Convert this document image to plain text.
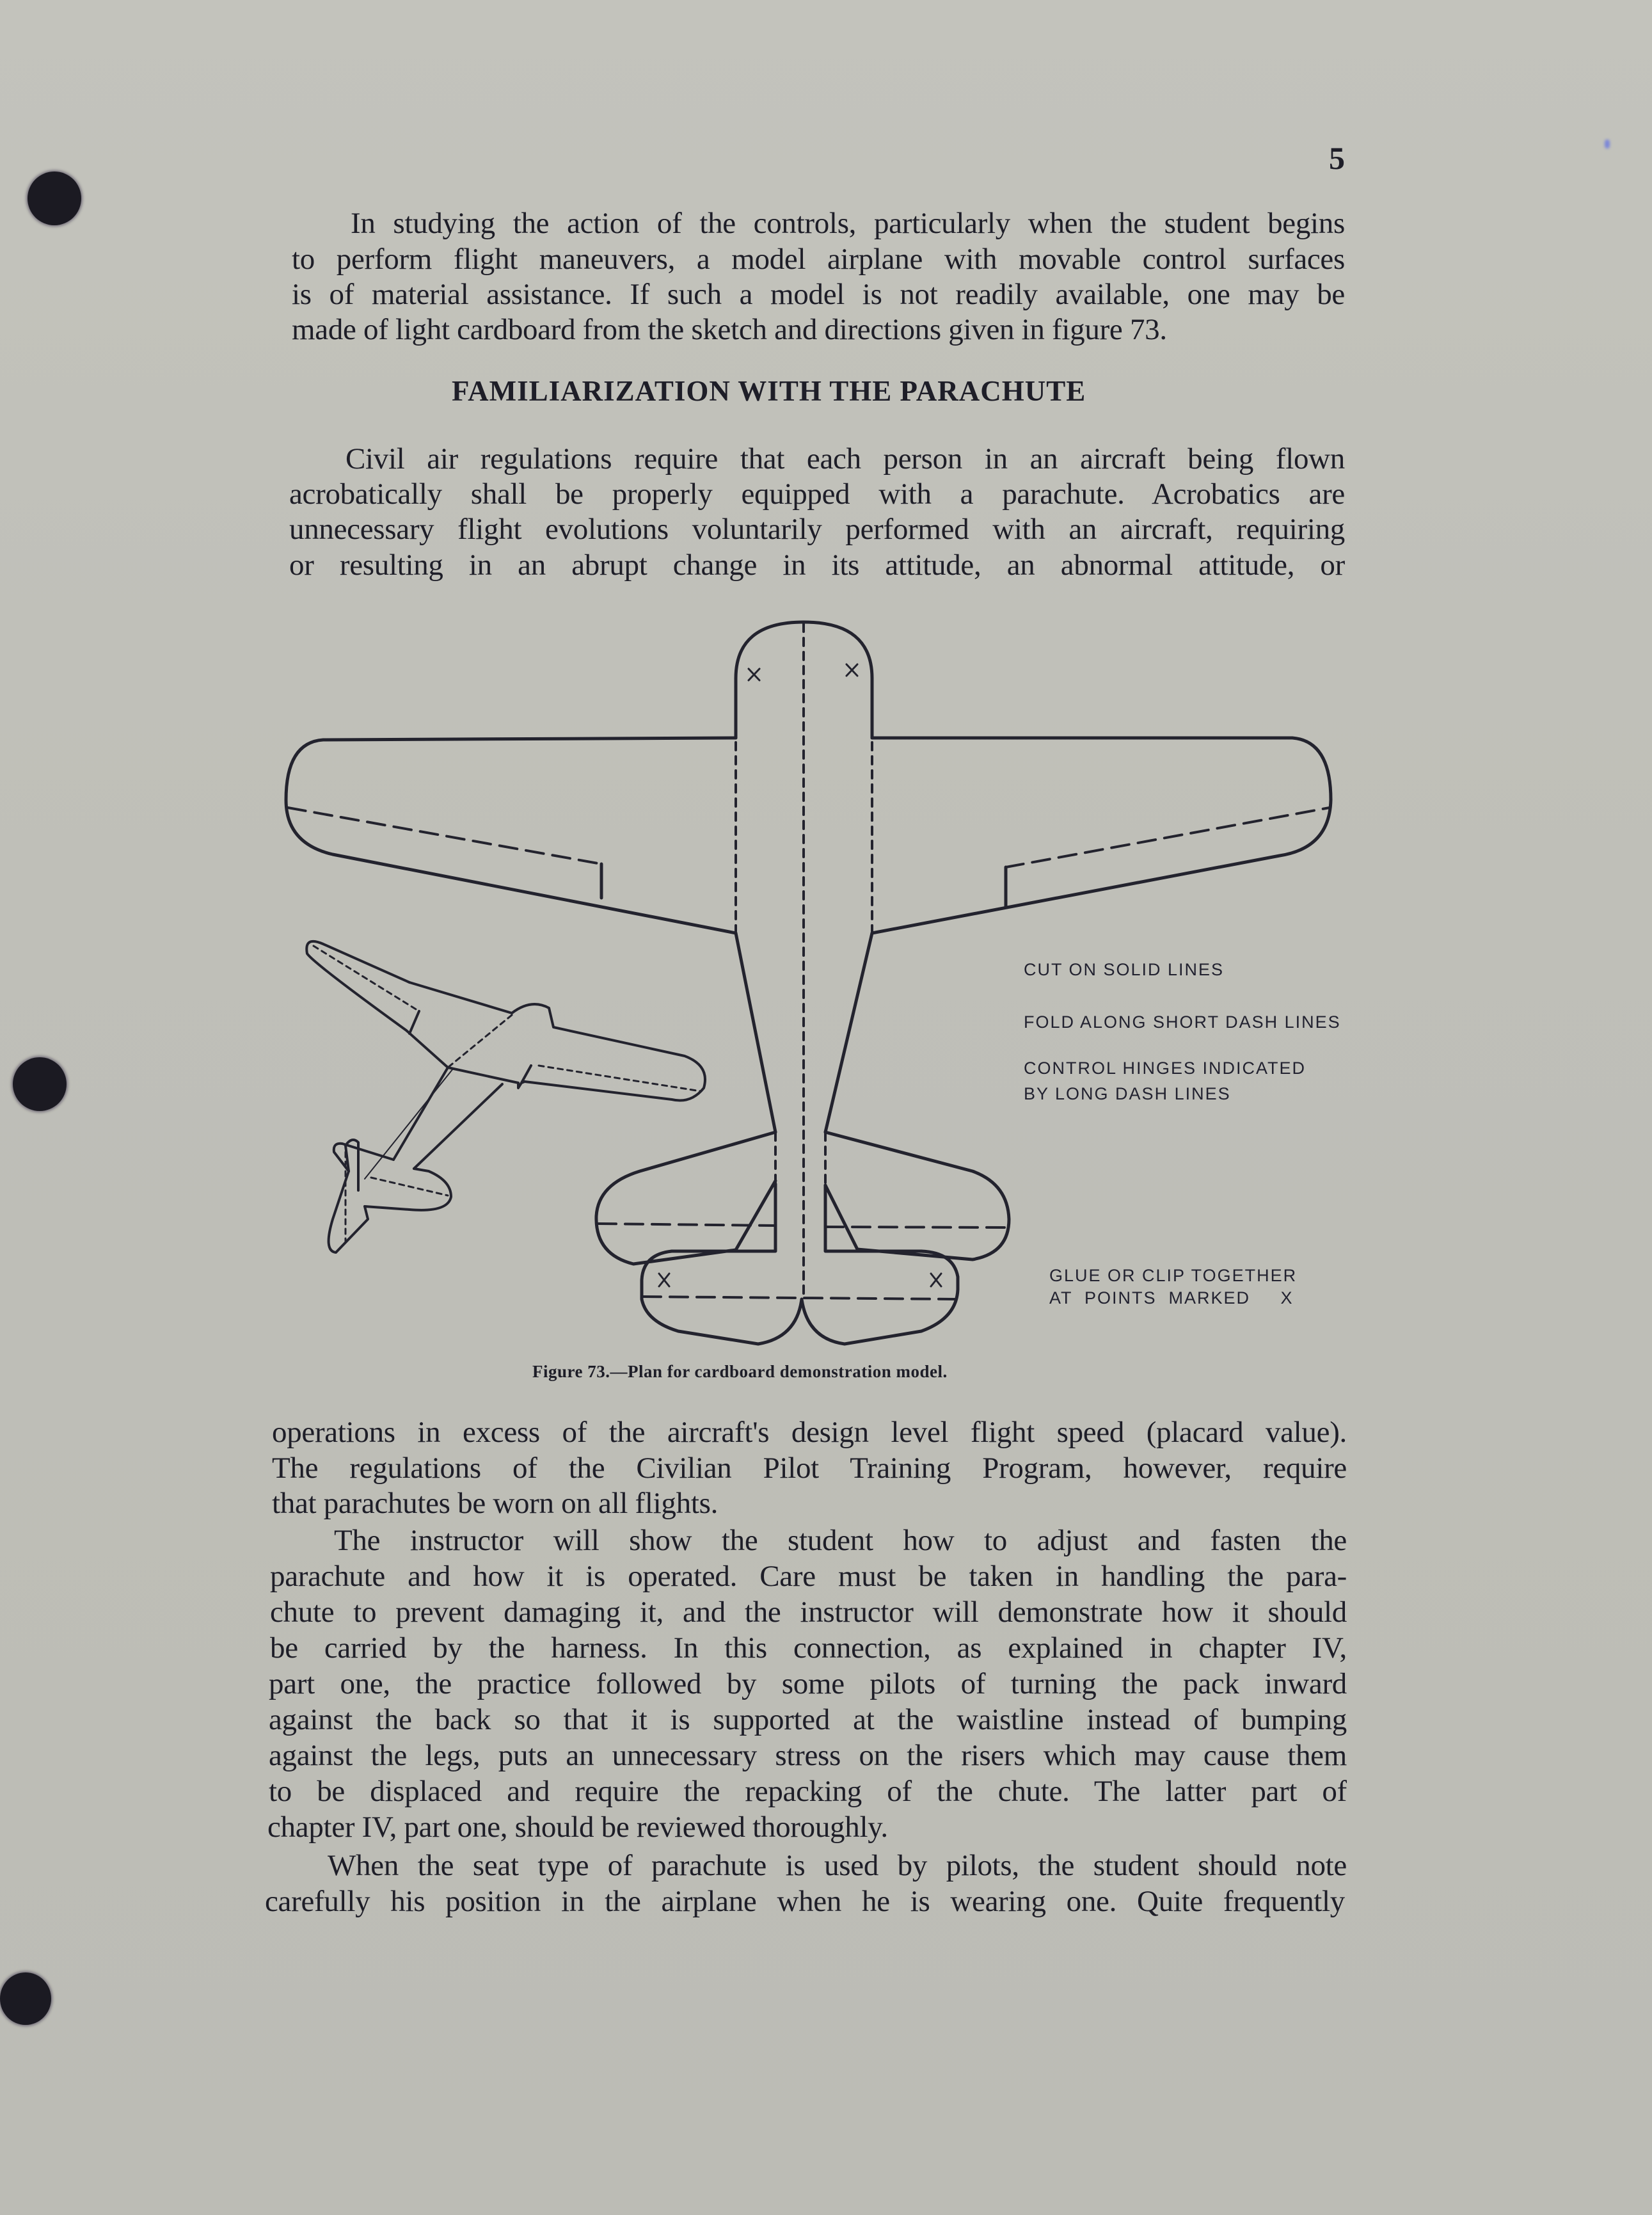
5
In studying the action of the controls, particularly when the student begins
to perform flight maneuvers, a model airplane with movable control surfaces
is of material assistance. If such a model is not readily available, one may be
made of light cardboard from the sketch and directions given in figure 73.
FAMILIARIZATION WITH THE PARACHUTE
Civil air regulations require that each person in an aircraft being flown
acrobatically shall be properly equipped with a parachute. Acrobatics are
unnecessary flight evolutions voluntarily performed with an aircraft, requiring
or resulting in an abrupt change in its attitude, an abnormal attitude, or
CUT ON SOLID LINES
FOLD ALONG SHORT DASH LINES
CONTROL HINGES INDICATED
BY LONG DASH LINES
GLUE OR CLIP TOGETHER
AT  POINTS  MARKED     X
Figure 73.—Plan for cardboard demonstration model.
operations in excess of the aircraft's design level flight speed (placard value).
The regulations of the Civilian Pilot Training Program, however, require
that parachutes be worn on all flights.
The instructor will show the student how to adjust and fasten the
parachute and how it is operated. Care must be taken in handling the para-
chute to prevent damaging it, and the instructor will demonstrate how it should
be carried by the harness. In this connection, as explained in chapter IV,
part one, the practice followed by some pilots of turning the pack inward
against the back so that it is supported at the waistline instead of bumping
against the legs, puts an unnecessary stress on the risers which may cause them
to be displaced and require the repacking of the chute. The latter part of
chapter IV, part one, should be reviewed thoroughly.
When the seat type of parachute is used by pilots, the student should note
carefully his position in the airplane when he is wearing one. Quite frequently
